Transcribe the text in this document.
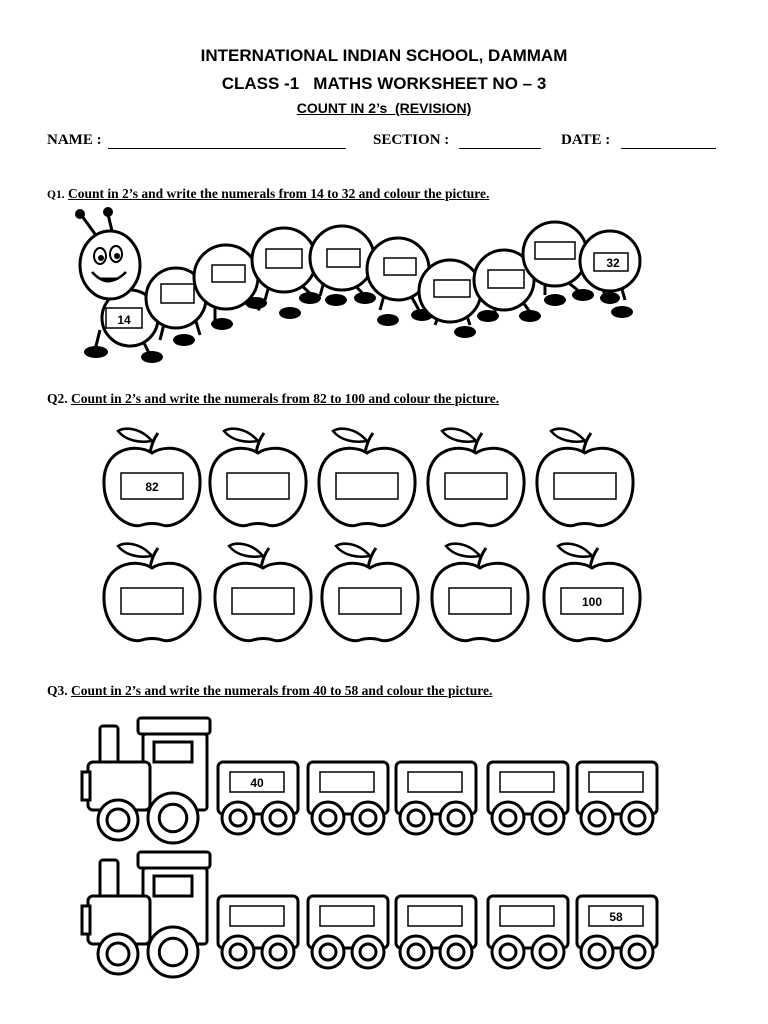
INTERNATIONAL INDIAN SCHOOL, DAMMAM
CLASS -1   MATHS WORKSHEET NO – 3
COUNT IN 2’s  (REVISION)
NAME :	SECTION :	DATE :
Q1. Count in 2’s and write the numerals from 14 to 32 and colour the picture.
14
32
Q2. Count in 2’s and write the numerals from 82 to 100 and colour the picture.
82
100
Q3. Count in 2’s and write the numerals from 40 to 58 and colour the picture.
40
58
